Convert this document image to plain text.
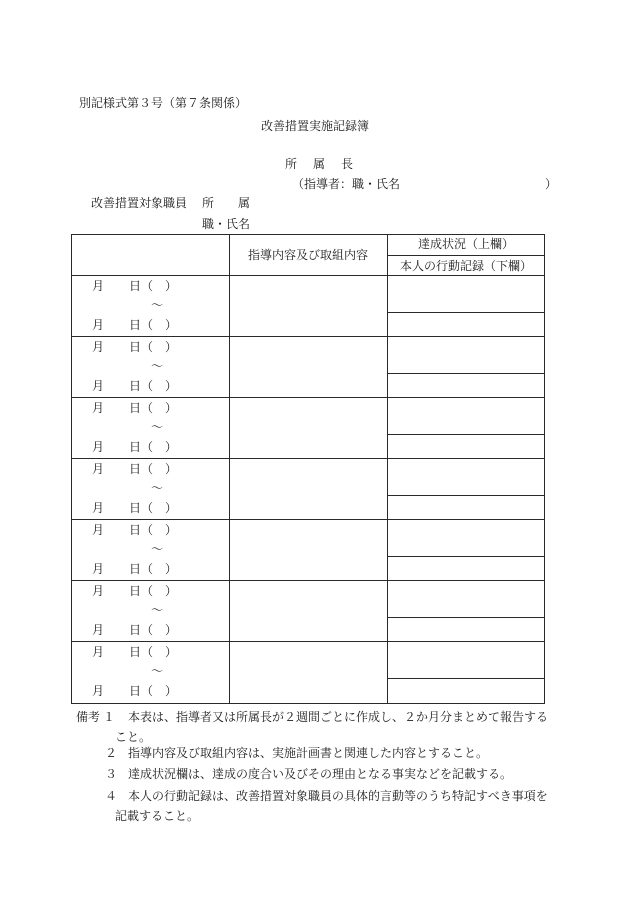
別記様式第３号（第７条関係）
改善措置実施記録簿
所　属　長
（指導者：職・氏名	）
改善措置対象職員 所　　属
職・氏名
指導内容及び取組内容
達成状況（上欄）
本人の行動記録（下欄）
月 日（　）
〜
月 日（　）
月 日（　）
〜
月 日（　）
月 日（　）
〜
月 日（　）
月 日（　）
〜
月 日（　）
月 日（　）
〜
月 日（　）
月 日（　）
〜
月 日（　）
月 日（　）
〜
月 日（　）
備考 １ 本表は、指導者又は所属長が２週間ごとに作成し、２か月分まとめて報告する
こと。
２ 指導内容及び取組内容は、実施計画書と関連した内容とすること。
３ 達成状況欄は、達成の度合い及びその理由となる事実などを記載する。
４ 本人の行動記録は、改善措置対象職員の具体的言動等のうち特記すべき事項を
記載すること。
